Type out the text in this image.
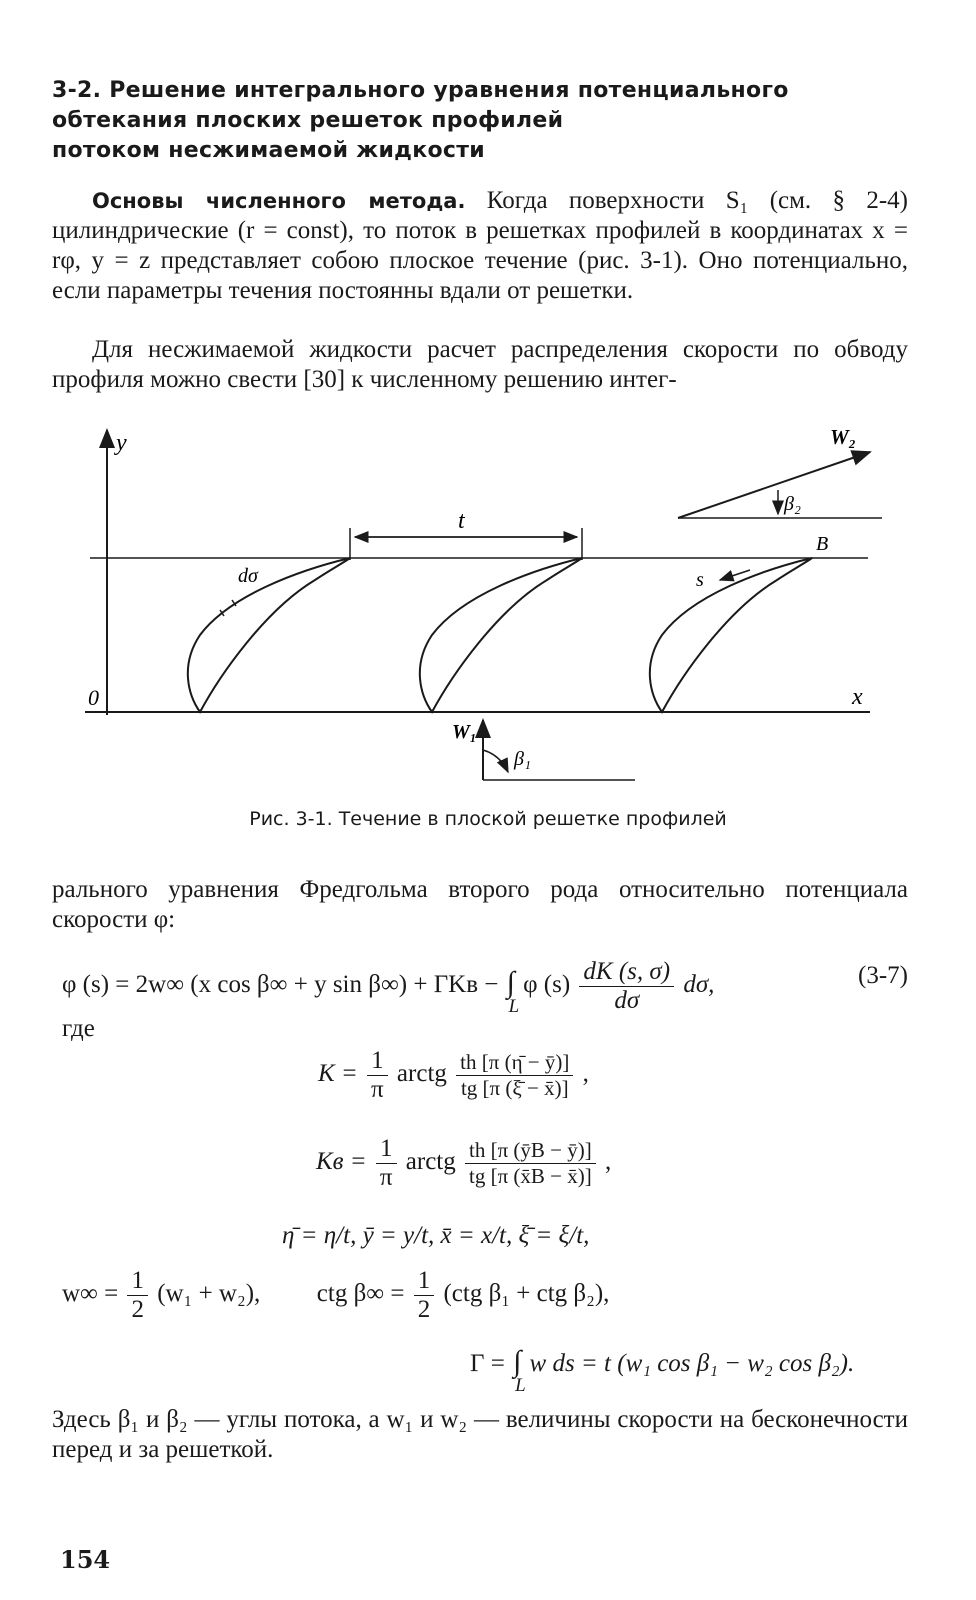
3-2. Решение интегрального уравнения потенциального
обтекания плоских решеток профилей
потоком несжимаемой жидкости
Основы численного метода. Когда поверхности S₁ (см. § 2-4) цилиндрические (r = const), то поток в решетках профилей в координатах x = rφ, y = z представляет собою плоское течение (рис. 3-1). Оно потенциально, если параметры течения постоянны вдали от решетки.
Для несжимаемой жидкости расчет распределения скорости по обводу профиля можно свести [30] к численному решению интег-
y
x
0
dσ
t
s
B
W₂
β₂
W₁
β₁
Рис. 3-1. Течение в плоской решетке профилей
рального уравнения Фредгольма второго рода относительно потенциала скорости φ:
φ (s) = 2w∞ (x cos β∞ + y sin β∞) + ΓKв − ∫
L
φ $(s) \frac{dK (s, \sigma)}{d\sigma} d\sigma$,	(3-7)
где
$K = \frac{1}{\pi}$ arctg $\frac{th [\pi (\etā - ȳ)]}{tg [\pi (\xī - x̄)]}$ ,
Kв = $\frac{1}{\pi}$ arctg $\frac{th [\pi (ȳB - ȳ)]}{tg [\pi (x̄B - x̄)]}$ ,
η̄ = η/t, ȳ = y/t, x̄ = x/t, ξ̄ = ξ/t,
$w\infty = \frac{1}{2} (w_1 + w_2)$, ctg $\beta\infty = \frac{1}{2} (ctg$ β₁ + ctg β₂),
Γ = ∫
L
w ds = t (w₁ cos β₁ − w₂ cos β₂).
Здесь β₁ и β₂ — углы потока, а w₁ и w₂ — величины скорости на бесконечности перед и за решеткой.
154
